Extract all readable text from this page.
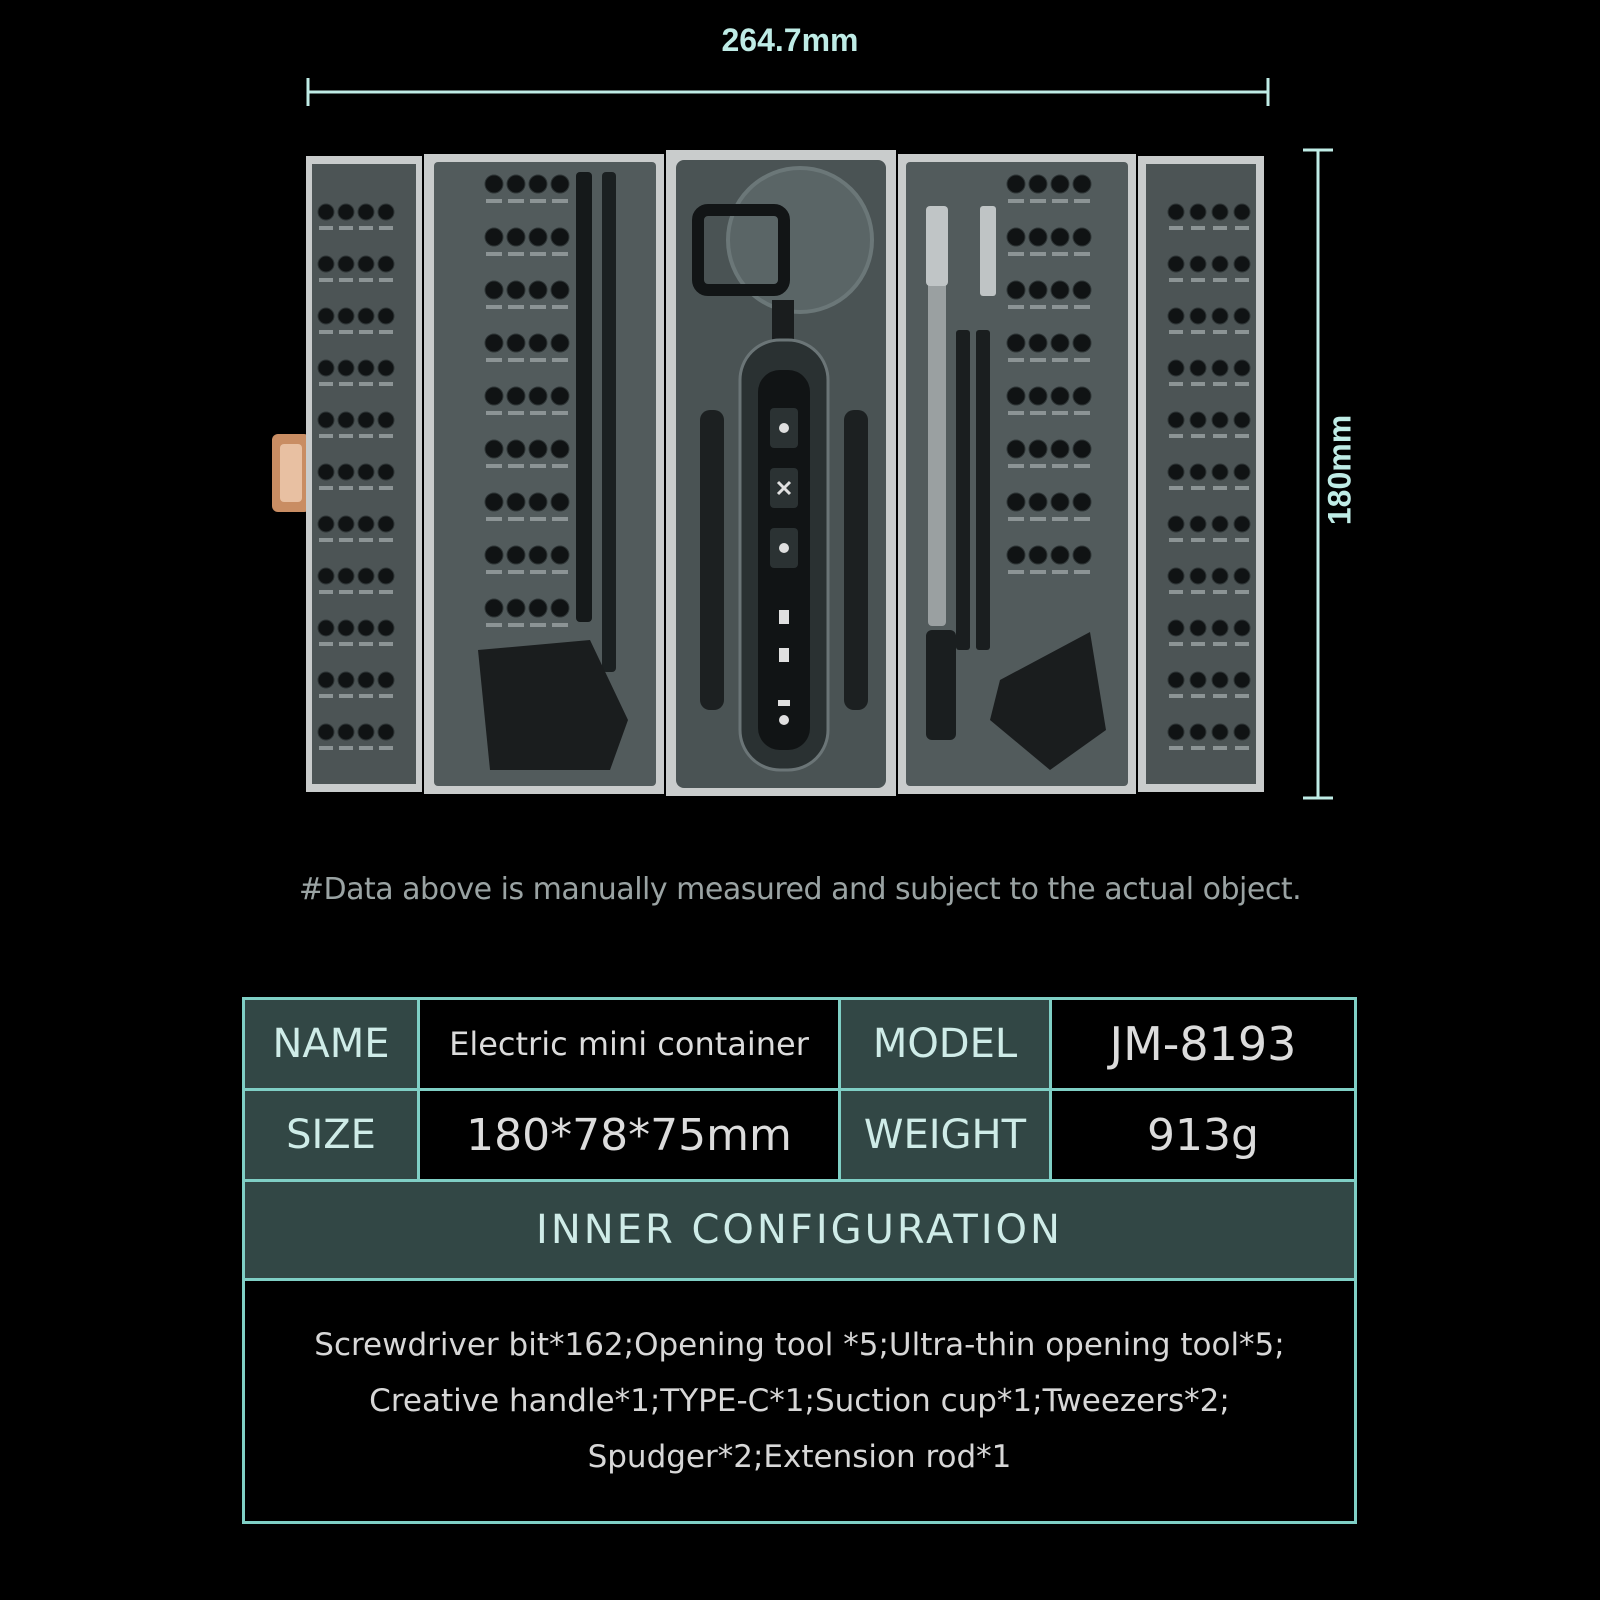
264.7mm
180mm
#Data above is manually measured and subject to the actual object.
NAME	Electric mini container	MODEL	JM-8193
SIZE	180*78*75mm	WEIGHT	913g
INNER CONFIGURATION			

Screwdriver bit*162;Opening tool *5;Ultra-thin opening tool*5;
Creative handle*1;TYPE-C*1;Suction cup*1;Tweezers*2;
Spudger*2;Extension rod*1			
